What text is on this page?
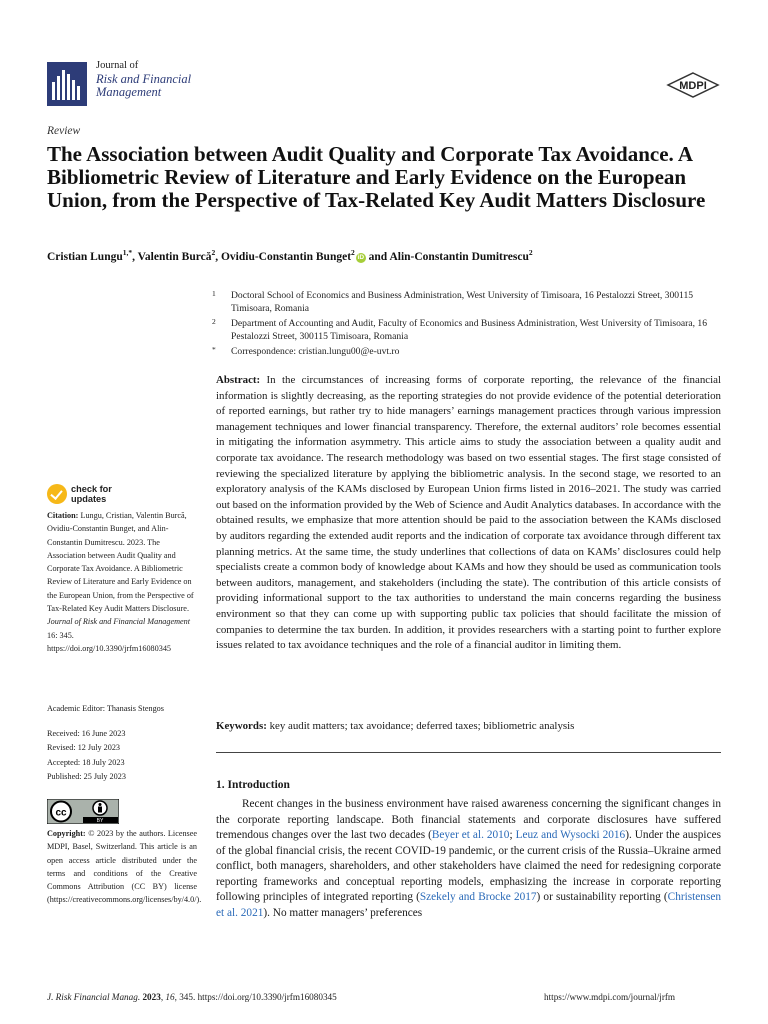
Journal of
Risk and Financial
Management	MDPI
Review
The Association between Audit Quality and Corporate Tax Avoidance. A Bibliometric Review of Literature and Early Evidence on the European Union, from the Perspective of Tax-Related Key Audit Matters Disclosure
Cristian Lungu$^{1,*}$, Valentin Burcă$^2$, Ovidiu-Constantin Bunget$^2$iD and Alin-Constantin Dumitrescu$^2$
1 Doctoral School of Economics and Business Administration, West University of Timisoara, 16 Pestalozzi Street, 300115 Timisoara, Romania
2 Department of Accounting and Audit, Faculty of Economics and Business Administration, West University of Timisoara, 16 Pestalozzi Street, 300115 Timisoara, Romania
* Correspondence: cristian.lungu00@e-uvt.ro

Abstract: In the circumstances of increasing forms of corporate reporting, the relevance of the financial information is slightly decreasing, as the reporting strategies do not provide evidence of the potential deterioration of reported earnings, but rather try to hide managers’ earnings management practices through various impression management techniques and lower financial transparency. Therefore, the external auditors’ role becomes essential in mitigating the information asymmetry. This article aims to study the association between a quality audit and corporate tax avoidance. The research methodology was based on two essential stages. The first stage consisted of reviewing the specialized literature by applying the bibliometric analysis. In the second stage, we resorted to an exploratory analysis of the KAMs disclosed by European Union firms listed in 2016–2021. The study was carried out based on the information provided by the Web of Science and Audit Analytics databases. In accordance with the obtained results, we emphasize that more attention should be paid to the association between the KAMs disclosed by auditors regarding the extended audit reports and the indication of corporate tax avoidance through different tax planning metrics. At the same time, the study underlines that collections of data on KAMs’ disclosures could help specialists create a common body of knowledge about KAMs and how they should be used as communication tools between auditors, management, and stakeholders (including the state). The contribution of this article consists of providing informational support to the tax authorities to understand the main concerns regarding the business environment so that they can come up with supporting public tax policies that should facilitate the mission of companies to determine the tax burden. In addition, it provides researchers with a starting point to further explore issues related to tax avoidance techniques and the role of a financial auditor in limiting them.

Keywords: key audit matters; tax avoidance; deferred taxes; bibliometric analysis

1. Introduction

Recent changes in the business environment have raised awareness concerning the significant changes in the corporate reporting landscape. Both financial statements and corporate disclosures have suffered tremendous changes over the last two decades (Beyer et al. 2010; Leuz and Wysocki 2016). Under the auspices of the global financial crisis, the recent COVID-19 pandemic, or the current crisis of the Russia–Ukraine armed conflict, both managers, shareholders, and other stakeholders have claimed the need for redesigning corporate reporting frameworks and conceptual reporting models, emphasizing the increase in corporate reporting following principles of integrated reporting (Szekely and Brocke 2017) or sustainability reporting (Christensen et al. 2021). No matter managers’ preferences

check for
updates

Citation: Lungu, Cristian, Valentin Burcă, Ovidiu-Constantin Bunget, and Alin-Constantin Dumitrescu. 2023. The Association between Audit Quality and Corporate Tax Avoidance. A Bibliometric Review of Literature and Early Evidence on the European Union, from the Perspective of Tax-Related Key Audit Matters Disclosure. Journal of Risk and Financial Management 16: 345. https://doi.org/10.3390/jrfm16080345

Academic Editor: Thanasis Stengos

Received: 16 June 2023
Revised: 12 July 2023
Accepted: 18 July 2023
Published: 25 July 2023
cc
BY

Copyright: © 2023 by the authors. Licensee MDPI, Basel, Switzerland. This article is an open access article distributed under the terms and conditions of the Creative Commons Attribution (CC BY) license (https://creativecommons.org/licenses/by/4.0/).

J. Risk Financial Manag. 2023, 16, 345. https://doi.org/10.3390/jrfm16080345	https://www.mdpi.com/journal/jrfm
